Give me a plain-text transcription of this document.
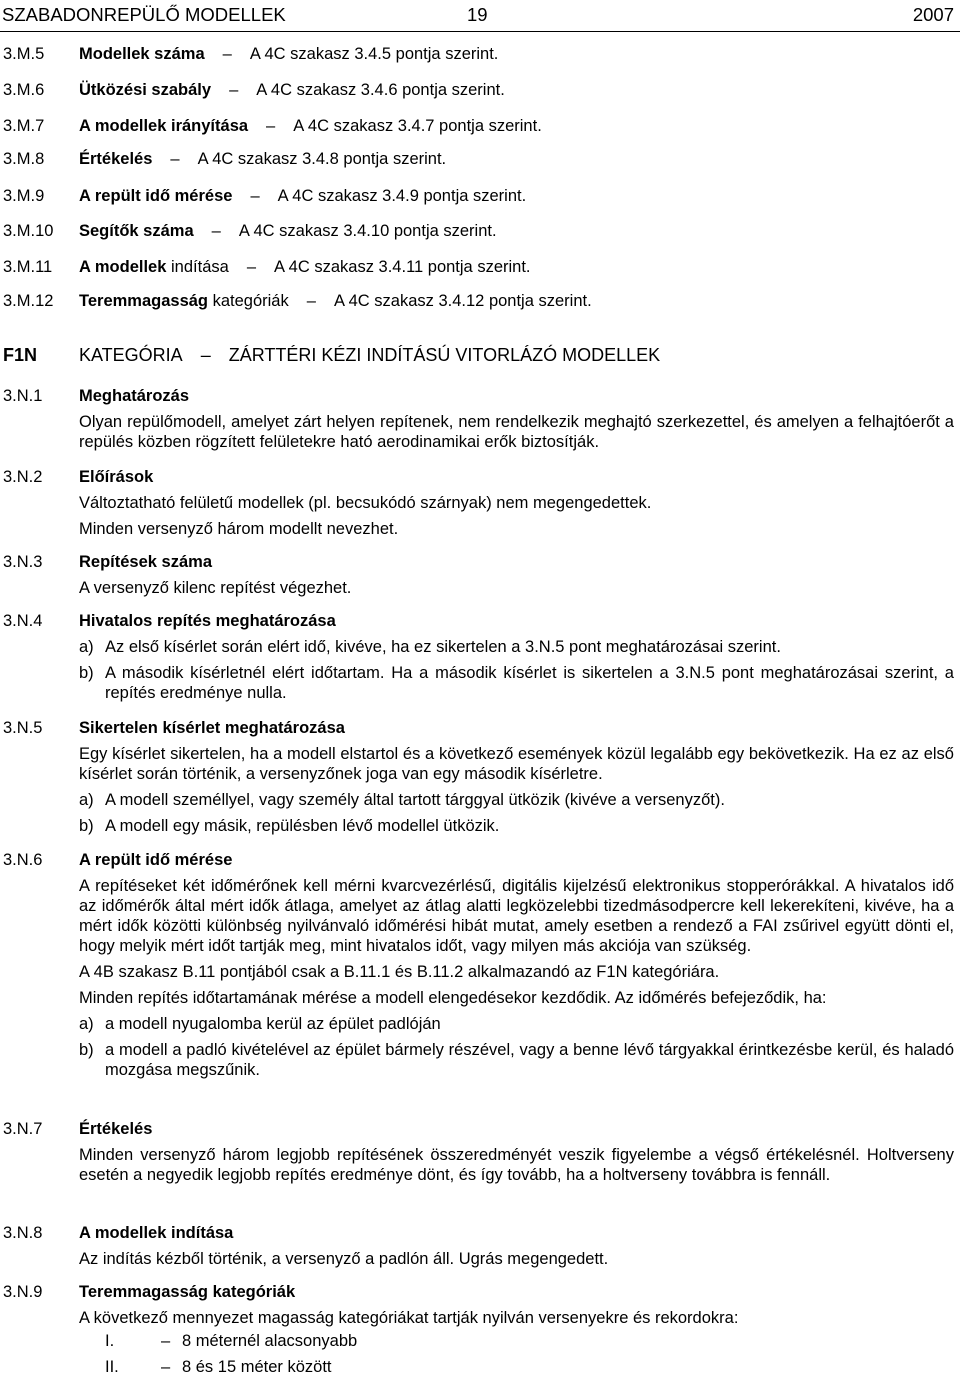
SZABADONREPÜLŐ MODELLEK	19	2007
3.M.5 Modellek száma – A 4C szakasz 3.4.5 pontja szerint.
3.M.6 Ütközési szabály – A 4C szakasz 3.4.6 pontja szerint.
3.M.7 A modellek irányítása – A 4C szakasz 3.4.7 pontja szerint.
3.M.8 Értékelés – A 4C szakasz 3.4.8 pontja szerint.
3.M.9 A repült idő mérése – A 4C szakasz 3.4.9 pontja szerint.
3.M.10 Segítők száma – A 4C szakasz 3.4.10 pontja szerint.
3.M.11 A modellek indítása – A 4C szakasz 3.4.11 pontja szerint.
3.M.12 Teremmagasság kategóriák – A 4C szakasz 3.4.12 pontja szerint.
F1N KATEGÓRIA – ZÁRTTÉRI KÉZI INDÍTÁSÚ VITORLÁZÓ MODELLEK
3.N.1 Meghatározás

Olyan repülőmodell, amelyet zárt helyen repítenek, nem rendelkezik meghajtó szerkezettel, és amelyen a felhajtóerőt a repülés közben rögzített felületekre ható aerodinamikai erők biztosítják.

3.N.2 Előírások

Változtatható felületű modellek (pl. becsukódó szárnyak) nem megengedettek.

Minden versenyző három modellt nevezhet.

3.N.3 Repítések száma

A versenyző kilenc repítést végezhet.

3.N.4 Hivatalos repítés meghatározása
a) Az első kísérlet során elért idő, kivéve, ha ez sikertelen a 3.N.5 pont meghatározásai szerint.
b) A második kísérletnél elért időtartam. Ha a második kísérlet is sikertelen a 3.N.5 pont meghatározásai szerint, a repítés eredménye nulla.
3.N.5 Sikertelen kísérlet meghatározása

Egy kísérlet sikertelen, ha a modell elstartol és a következő események közül legalább egy bekövetkezik. Ha ez az első kísérlet során történik, a versenyzőnek joga van egy második kísérletre.

a) A modell személlyel, vagy személy által tartott tárggyal ütközik (kivéve a versenyzőt).
b) A modell egy másik, repülésben lévő modellel ütközik.
3.N.6 A repült idő mérése

A repítéseket két időmérőnek kell mérni kvarcvezérlésű, digitális kijelzésű elektronikus stopperórákkal. A hivatalos idő az időmérők által mért idők átlaga, amelyet az átlag alatti legközelebbi tizedmásodpercre kell lekerekíteni, kivéve, ha a mért idők közötti különbség nyilvánvaló időmérési hibát mutat, amely esetben a rendező a FAI zsűrivel együtt dönti el, hogy melyik mért időt tartják meg, mint hivatalos időt, vagy milyen más akciója van szükség.

A 4B szakasz B.11 pontjából csak a B.11.1 és B.11.2 alkalmazandó az F1N kategóriára.

Minden repítés időtartamának mérése a modell elengedésekor kezdődik. Az időmérés befejeződik, ha:

a) a modell nyugalomba kerül az épület padlóján
b) a modell a padló kivételével az épület bármely részével, vagy a benne lévő tárgyakkal érintkezésbe kerül, és haladó mozgása megszűnik.
3.N.7 Értékelés

Minden versenyző három legjobb repítésének összeredményét veszik figyelembe a végső értékelésnél. Holtverseny esetén a negyedik legjobb repítés eredménye dönt, és így tovább, ha a holtverseny továbbra is fennáll.

3.N.8 A modellek indítása

Az indítás kézből történik, a versenyző a padlón áll. Ugrás megengedett.

3.N.9 Teremmagasság kategóriák

A következő mennyezet magasság kategóriákat tartják nyilván versenyekre és rekordokra:

I.	– 8 méternél alacsonyabb
II.	– 8 és 15 méter között
